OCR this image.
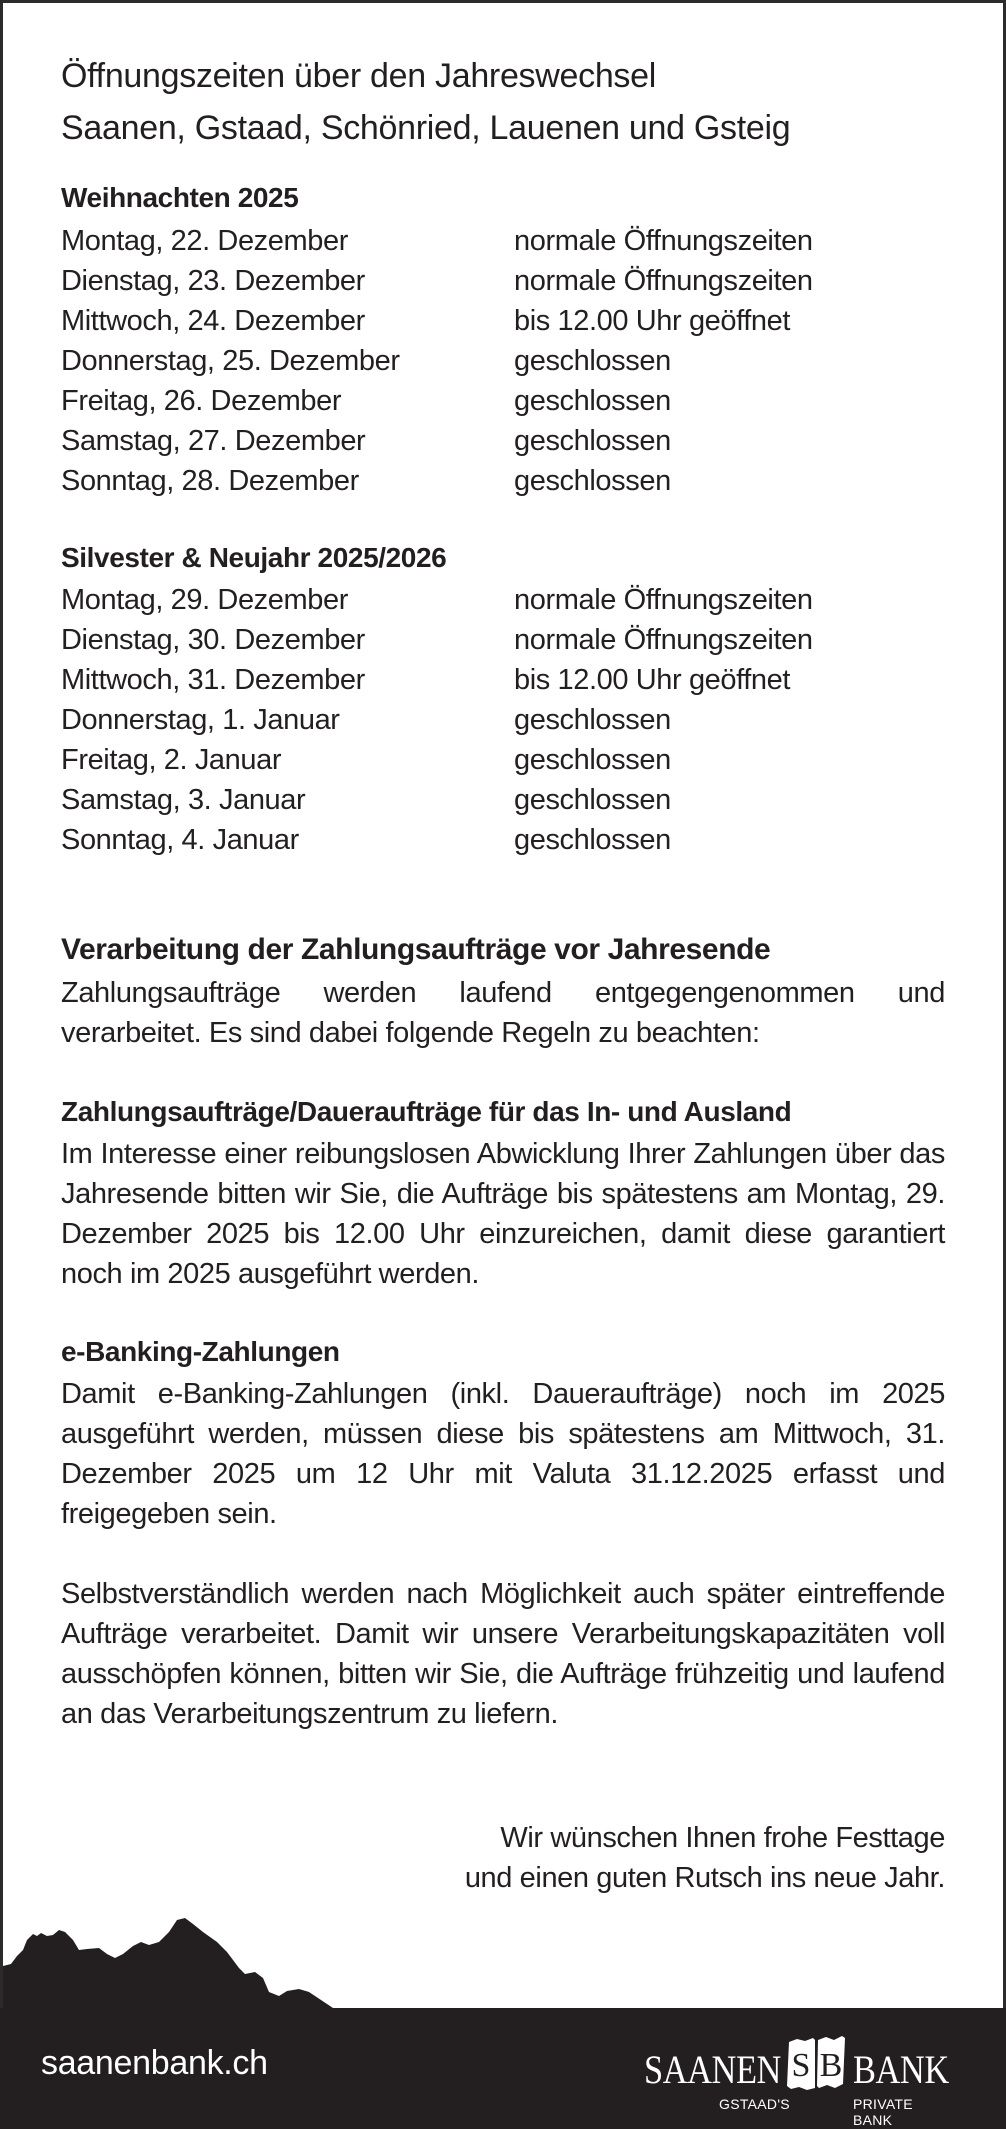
Öffnungszeiten über den Jahreswechsel
Saanen, Gstaad, Schönried, Lauenen und Gsteig
Weihnachten 2025
Montag, 22. Dezember	normale Öffnungszeiten
Dienstag, 23. Dezember	normale Öffnungszeiten
Mittwoch, 24. Dezember	bis 12.00 Uhr geöffnet
Donnerstag, 25. Dezember	geschlossen
Freitag, 26. Dezember	geschlossen
Samstag, 27. Dezember	geschlossen
Sonntag, 28. Dezember	geschlossen
Silvester & Neujahr 2025/2026
Montag, 29. Dezember	normale Öffnungszeiten
Dienstag, 30. Dezember	normale Öffnungszeiten
Mittwoch, 31. Dezember	bis 12.00 Uhr geöffnet
Donnerstag, 1. Januar	geschlossen
Freitag, 2. Januar	geschlossen
Samstag, 3. Januar	geschlossen
Sonntag, 4. Januar	geschlossen
Verarbeitung der Zahlungsaufträge vor Jahresende

Zahlungsaufträge werden laufend entgegengenommen und verarbeitet. Es sind dabei folgende Regeln zu beachten:

Zahlungsaufträge/Daueraufträge für das In- und Ausland

Im Interesse einer reibungslosen Abwicklung Ihrer Zahlungen über das Jahresende bitten wir Sie, die Aufträge bis spätestens am Montag, 29. Dezember 2025 bis 12.00 Uhr einzureichen, damit diese garantiert noch im 2025 ausgeführt werden.

e-Banking-Zahlungen

Damit e-Banking-Zahlungen (inkl. Daueraufträge) noch im 2025 ausgeführt werden, müssen diese bis spätestens am Mittwoch, 31. Dezember 2025 um 12 Uhr mit Valuta 31.12.2025 erfasst und freigegeben sein.

Selbstverständlich werden nach Möglichkeit auch später eintreffende Aufträge verarbeitet. Damit wir unsere Verarbeitungskapazitäten voll ausschöpfen können, bitten wir Sie, die Aufträge frühzeitig und laufend an das Verarbeitungszentrum zu liefern.

Wir wünschen Ihnen frohe Festtage
und einen guten Rutsch ins neue Jahr.
saanenbank.ch	SAANEN S B BANK
GSTAAD'S	PRIVATE BANK
